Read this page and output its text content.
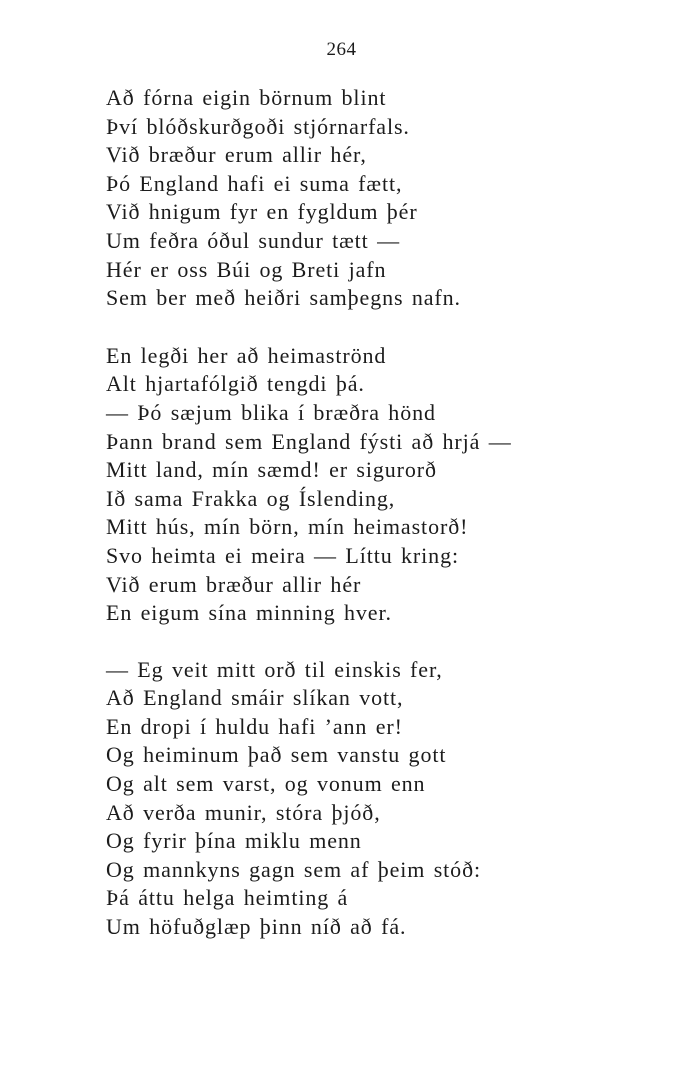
264
Að fórna eigin börnum blint
Því blóðskurðgoði stjórnarfals.
Við bræður erum allir hér,
Þó England hafi ei suma fætt,
Við hnigum fyr en fygldum þér
Um feðra óðul sundur tætt —
Hér er oss Búi og Breti jafn
Sem ber með heiðri samþegns nafn.
En legði her að heimaströnd
Alt hjartafólgið tengdi þá.
— Þó sæjum blika í bræðra hönd
Þann brand sem England fýsti að hrjá —
Mitt land, mín sæmd! er sigurorð
Ið sama Frakka og Íslending,
Mitt hús, mín börn, mín heimastorð!
Svo heimta ei meira — Líttu kring:
Við erum bræður allir hér
En eigum sína minning hver.
— Eg veit mitt orð til einskis fer,
Að England smáir slíkan vott,
En dropi í huldu hafi ’ann er!
Og heiminum það sem vanstu gott
Og alt sem varst, og vonum enn
Að verða munir, stóra þjóð,
Og fyrir þína miklu menn
Og mannkyns gagn sem af þeim stóð:
Þá áttu helga heimting á
Um höfuðglæp þinn níð að fá.
